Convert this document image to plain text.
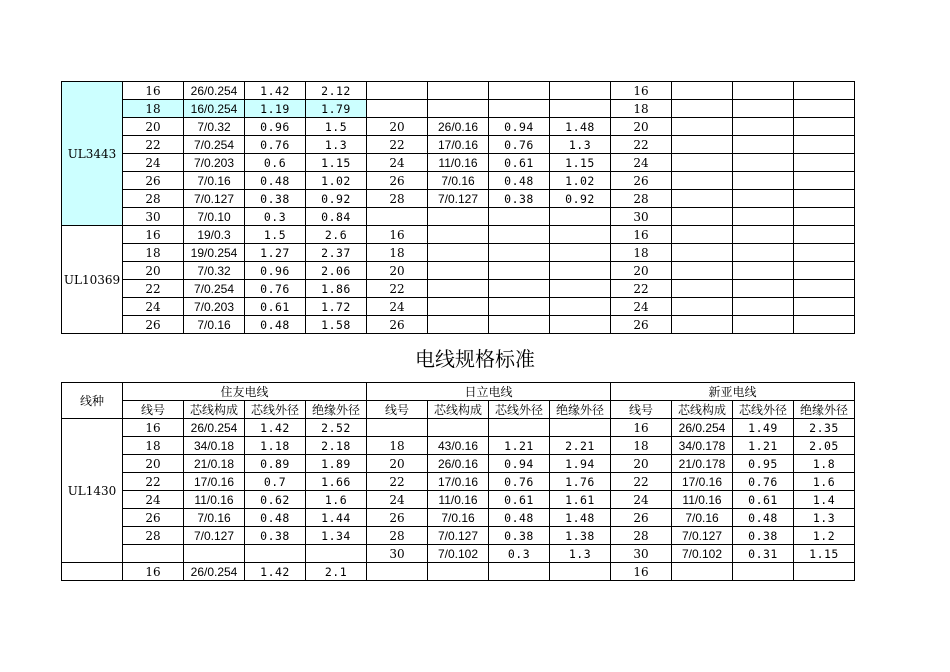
UL3443	16	26/0.254	1.42	2.12					16			
	18	16/0.254	1.19	1.79					18			
	20	7/0.32	0.96	1.5	20	26/0.16	0.94	1.48	20			
	22	7/0.254	0.76	1.3	22	17/0.16	0.76	1.3	22			
	24	7/0.203	0.6	1.15	24	11/0.16	0.61	1.15	24			
	26	7/0.16	0.48	1.02	26	7/0.16	0.48	1.02	26			
	28	7/0.127	0.38	0.92	28	7/0.127	0.38	0.92	28			
	30	7/0.10	0.3	0.84					30			
UL10369	16	19/0.3	1.5	2.6	16				16			
	18	19/0.254	1.27	2.37	18				18			
	20	7/0.32	0.96	2.06	20				20			
	22	7/0.254	0.76	1.86	22				22			
	24	7/0.203	0.61	1.72	24				24			
	26	7/0.16	0.48	1.58	26				26			
电线规格标准
线种	住友电线				日立电线				新亚电线			
	线号	芯线构成	芯线外径	绝缘外径	线号	芯线构成	芯线外径	绝缘外径	线号	芯线构成	芯线外径	绝缘外径
UL1430	16	26/0.254	1.42	2.52					16	26/0.254	1.49	2.35
	18	34/0.18	1.18	2.18	18	43/0.16	1.21	2.21	18	34/0.178	1.21	2.05
	20	21/0.18	0.89	1.89	20	26/0.16	0.94	1.94	20	21/0.178	0.95	1.8
	22	17/0.16	0.7	1.66	22	17/0.16	0.76	1.76	22	17/0.16	0.76	1.6
	24	11/0.16	0.62	1.6	24	11/0.16	0.61	1.61	24	11/0.16	0.61	1.4
	26	7/0.16	0.48	1.44	26	7/0.16	0.48	1.48	26	7/0.16	0.48	1.3
	28	7/0.127	0.38	1.34	28	7/0.127	0.38	1.38	28	7/0.127	0.38	1.2
					30	7/0.102	0.3	1.3	30	7/0.102	0.31	1.15
	16	26/0.254	1.42	2.1					16			
